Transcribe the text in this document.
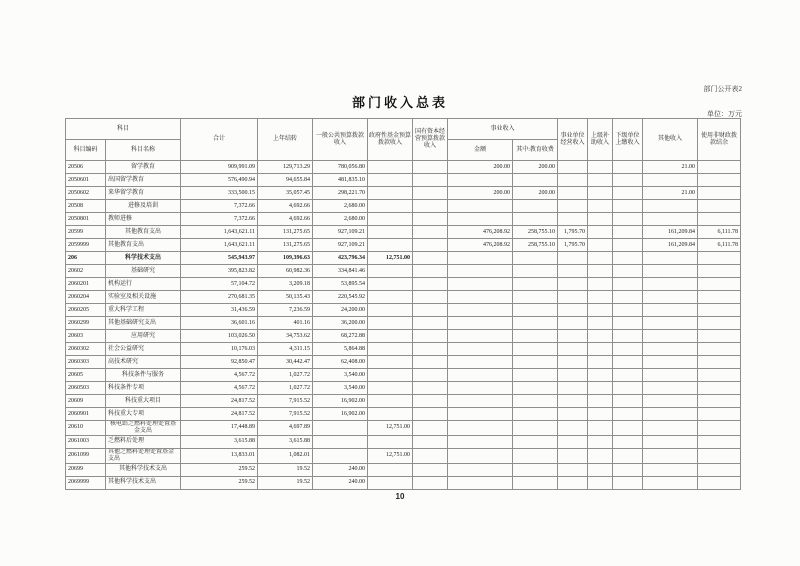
部门公开表2
部门收入总表
单位：万元
科目		合计	上年结转	一般公共预算拨款收入	政府性基金预算拨款收入	国有资本经营预算拨款收入	事业收入		事业单位经营收入	上级补助收入	下级单位上缴收入	其他收入	使用非财政拨款结余
科目编码	科目名称						金额	其中:教育收费					
20506	留学教育	909,991.09	129,713.29	780,056.80			200.00	200.00				21.00	
2050601	出国留学教育	576,490.94	94,655.84	481,835.10									
2050602	来华留学教育	333,500.15	35,057.45	298,221.70			200.00	200.00				21.00	
20508	进修及培训	7,372.66	4,692.66	2,680.00									
2050801	教师进修	7,372.66	4,692.66	2,680.00									
20599	其他教育支出	1,643,621.11	131,275.65	927,109.21			476,208.92	258,755.10	1,795.70			161,209.84	6,111.78
2059999	其他教育支出	1,643,621.11	131,275.65	927,109.21			476,208.92	258,755.10	1,795.70			161,209.84	6,111.78
206	科学技术支出	545,943.97	109,396.63	423,796.34	12,751.00								
20602	基础研究	395,823.82	60,982.36	334,841.46									
2060201	机构运行	57,104.72	3,209.18	53,895.54									
2060204	实验室及相关设施	270,681.35	50,135.43	220,545.92									
2060205	重大科学工程	31,436.59	7,236.59	24,200.00									
2060299	其他基础研究支出	36,601.16	401.16	36,200.00									
20603	应用研究	103,026.50	34,753.62	68,272.88									
2060302	社会公益研究	10,176.03	4,311.15	5,864.88									
2060303	高技术研究	92,850.47	30,442.47	62,408.00									
20605	科技条件与服务	4,567.72	1,027.72	3,540.00									
2060503	科技条件专项	4,567.72	1,027.72	3,540.00									
20609	科技重大项目	24,817.52	7,915.52	16,902.00									
2060901	科技重大专项	24,817.52	7,915.52	16,902.00									
20610	核电站乏燃料处理处置基金支出	17,448.89	4,697.89		12,751.00								
2061003	乏燃料后处理	3,615.88	3,615.88										
2061099	其他乏燃料处理处置基金支出	13,833.01	1,082.01		12,751.00								
20699	其他科学技术支出	259.52	19.52	240.00									
2069999	其他科学技术支出	259.52	19.52	240.00									
10
